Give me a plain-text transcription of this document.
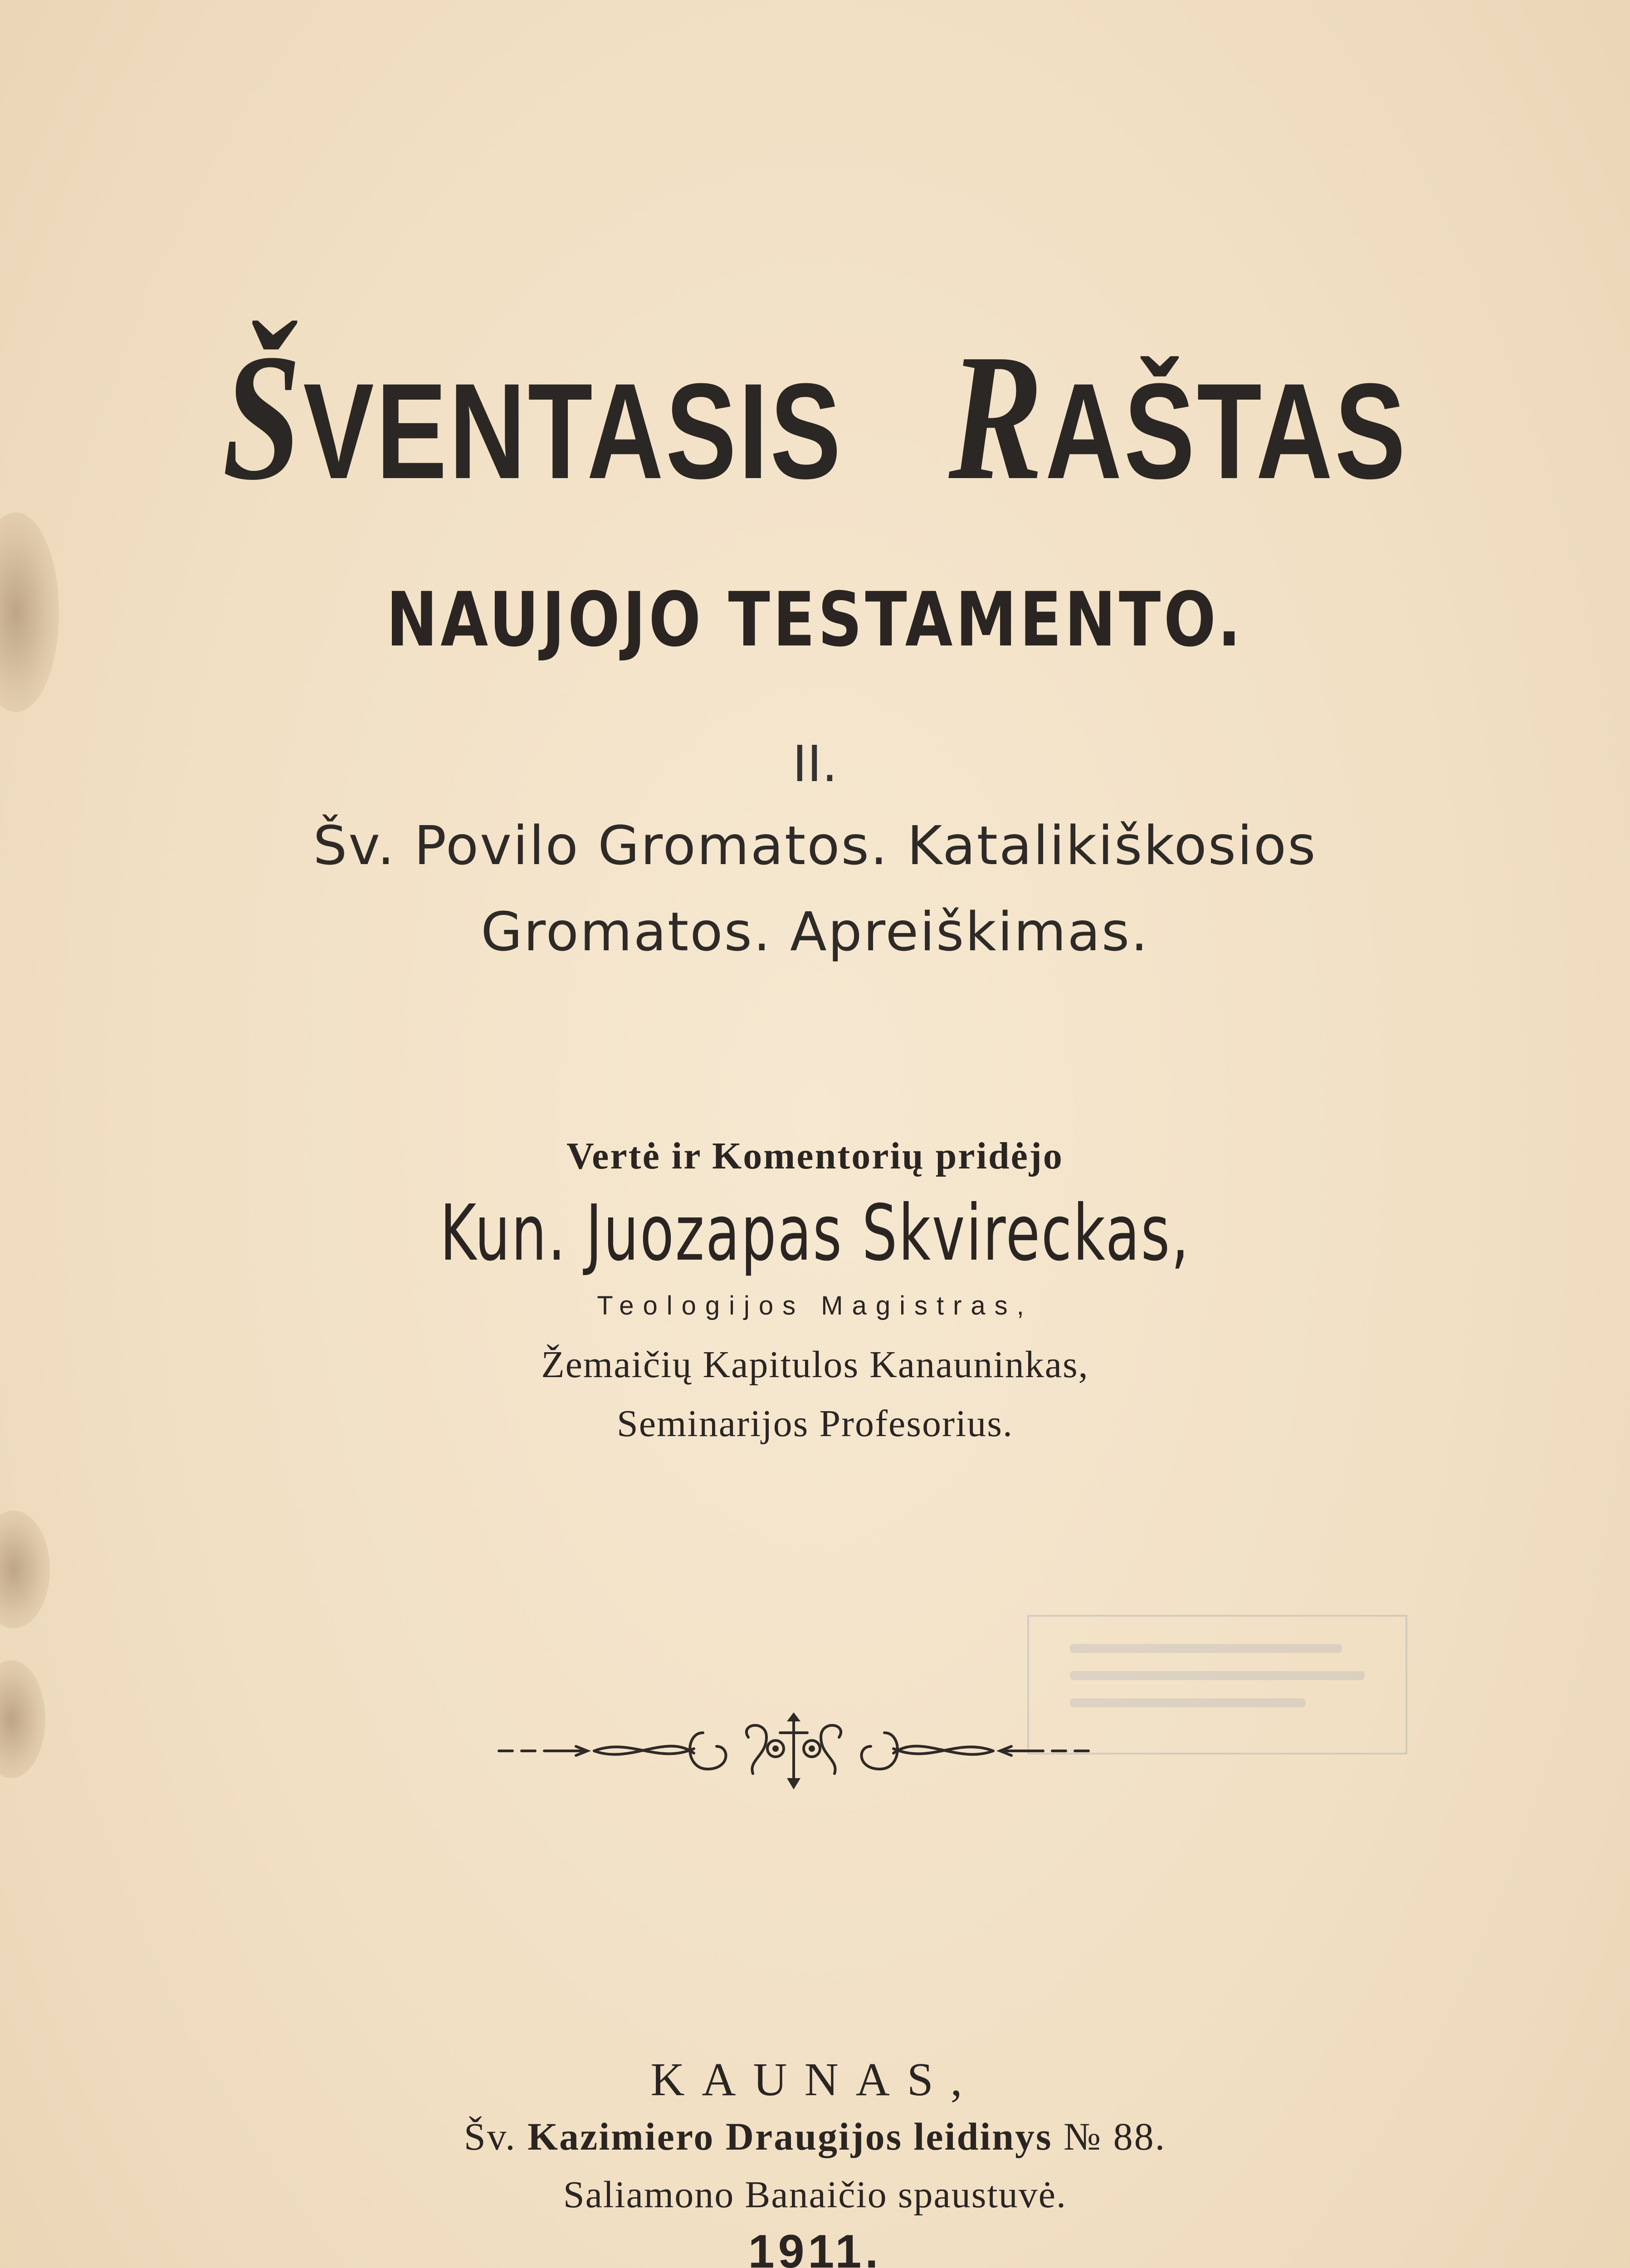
ŠVENTASIS RAŠTAS
NAUJOJO TESTAMENTO.
II.
Šv. Povilo Gromatos. Katalikiškosios
Gromatos. Apreiškimas.
Vertė ir Komentorių pridėjo
Kun. Juozapas Skvireckas,
Teologijos Magistras,
Žemaičių Kapitulos Kanauninkas,
Seminarijos Profesorius.
KAUNAS,
Šv. Kazimiero Draugijos leidinys № 88.
Saliamono Banaičio spaustuvė.
1911.
